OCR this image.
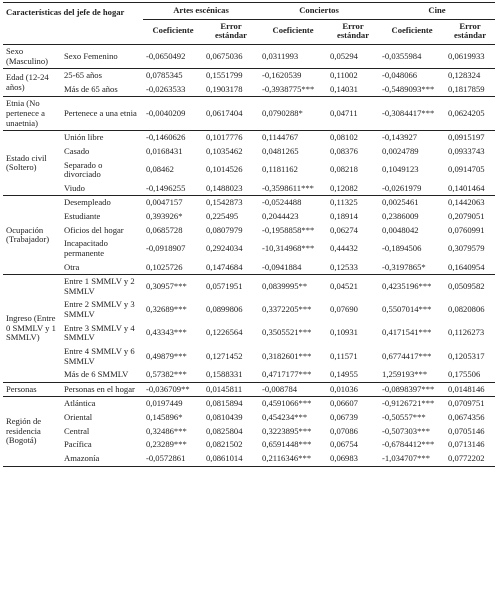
Características del jefe de hogar		Artes escénicas		Conciertos		Cine	
		Coeficiente	Error estándar	Coeficiente	Error estándar	Coeficiente	Error estándar
Sexo (Masculino)	Sexo Femenino	-0,0650492	0,0675036	0,0311993	0,05294	-0,0355984	0,0619933
Edad (12-24 años)	25-65 años	0,0785345	0,1551799	-0,1620539	0,11002	-0,048066	0,128324
	Más de 65 años	-0,0263533	0,1903178	-0,3938775***	0,14031	-0,5489093***	0,1817859
Etnia (No pertenece a unaetnia)	Pertenece a una etnia	-0,0040209	0,0617404	0,0790288*	0,04711	-0,3084417***	0,0624205
Estado civil (Soltero)	Unión libre	-0,1460626	0,1017776	0,1144767	0,08102	-0,143927	0,0915197
	Casado	0,0168431	0,1035462	0,0481265	0,08376	0,0024789	0,0933743
	Separado o divorciado	0,08462	0,1014526	0,1181162	0,08218	0,1049123	0,0914705
	Viudo	-0,1496255	0,1488023	-0,3598611***	0,12082	-0,0261979	0,1401464
Ocupación (Trabajador)	Desempleado	0,0047157	0,1542873	-0,0524488	0,11325	0,0025461	0,1442063
	Estudiante	0,393926*	0,225495	0,2044423	0,18914	0,2386009	0,2079051
	Oficios del hogar	0,0685728	0,0807979	-0,1958858***	0,06274	0,0048042	0,0760991
	Incapacitado permanente	-0,0918907	0,2924034	-10,314968***	0,44432	-0,1894506	0,3079579
	Otra	0,1025726	0,1474684	-0,0941884	0,12533	-0,3197865*	0,1640954
Ingreso (Entre 0 SMMLV y 1 SMMLV)	Entre 1 SMMLV y 2 SMMLV	0,30957***	0,0571951	0,0839995**	0,04521	0,4235196***	0,0509582
	Entre 2 SMMLV y 3 SMMLV	0,32689***	0,0899806	0,3372205***	0,07690	0,5507014***	0,0820806
	Entre 3 SMMLV y 4 SMMLV	0,43343***	0,1226564	0,3505521***	0,10931	0,4171541***	0,1126273
	Entre 4 SMMLV y 6 SMMLV	0,49879***	0,1271452	0,3182601***	0,11571	0,6774417***	0,1205317
	Más de 6 SMMLV	0,57382***	0,1588331	0,4717177***	0,14955	1,259193***	0,175506
Personas	Personas en el hogar	-0,036709**	0,0145811	-0,008784	0,01036	-0,0898397***	0,0148146
Región de residencia (Bogotá)	Atlántica	0,0197449	0,0815894	0,4591066***	0,06607	-0,9126721***	0,0709751
	Oriental	0,145896*	0,0810439	0,454234***	0,06739	-0,50557***	0,0674356
	Central	0,32486***	0,0825804	0,3223895***	0,07086	-0,507303***	0,0705146
	Pacífica	0,23289***	0,0821502	0,6591448***	0,06754	-0,6784412***	0,0713146
	Amazonía	-0,0572861	0,0861014	0,2116346***	0,06983	-1,034707***	0,0772202
